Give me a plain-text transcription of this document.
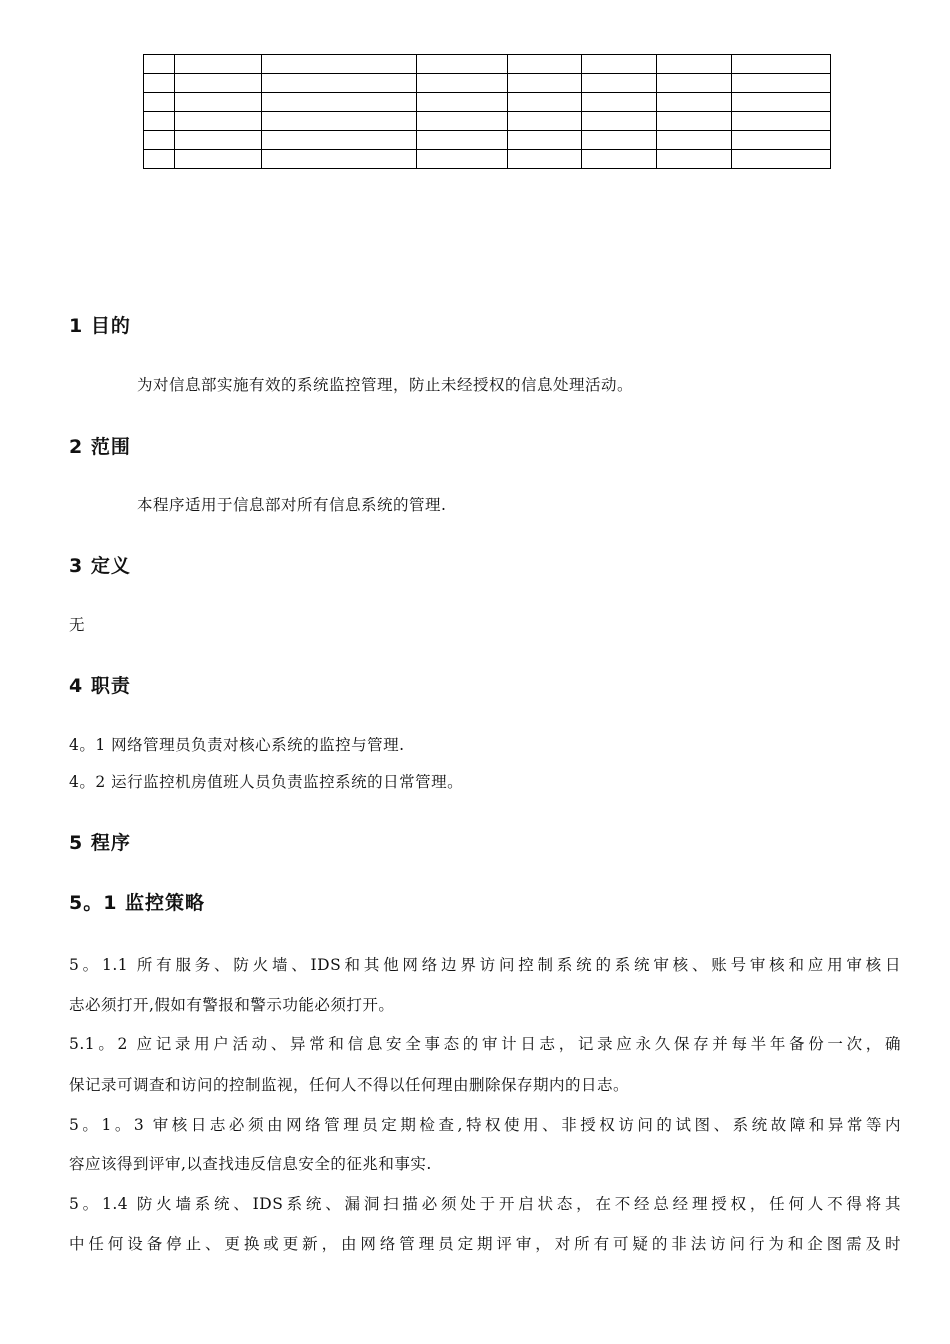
1 目的

为对信息部实施有效的系统监控管理，防止未经授权的信息处理活动。

2 范围

本程序适用于信息部对所有信息系统的管理.

3 定义

无

4 职责

4。1 网络管理员负责对核心系统的监控与管理.

4。2 运行监控机房值班人员负责监控系统的日常管理。

5 程序
5。1 监控策略

5。1.1 所有服务、防火墙、IDS和其他网络边界访问控制系统的系统审核、账号审核和应用审核日

志必须打开,假如有警报和警示功能必须打开。

5.1。2 应记录用户活动、异常和信息安全事态的审计日志，记录应永久保存并每半年备份一次，确

保记录可调查和访问的控制监视，任何人不得以任何理由删除保存期内的日志。

5。1。3 审核日志必须由网络管理员定期检查,特权使用、非授权访问的试图、系统故障和异常等内

容应该得到评审,以查找违反信息安全的征兆和事实.

5。1.4 防火墙系统、IDS系统、漏洞扫描必须处于开启状态，在不经总经理授权，任何人不得将其

中任何设备停止、更换或更新，由网络管理员定期评审，对所有可疑的非法访问行为和企图需及时
